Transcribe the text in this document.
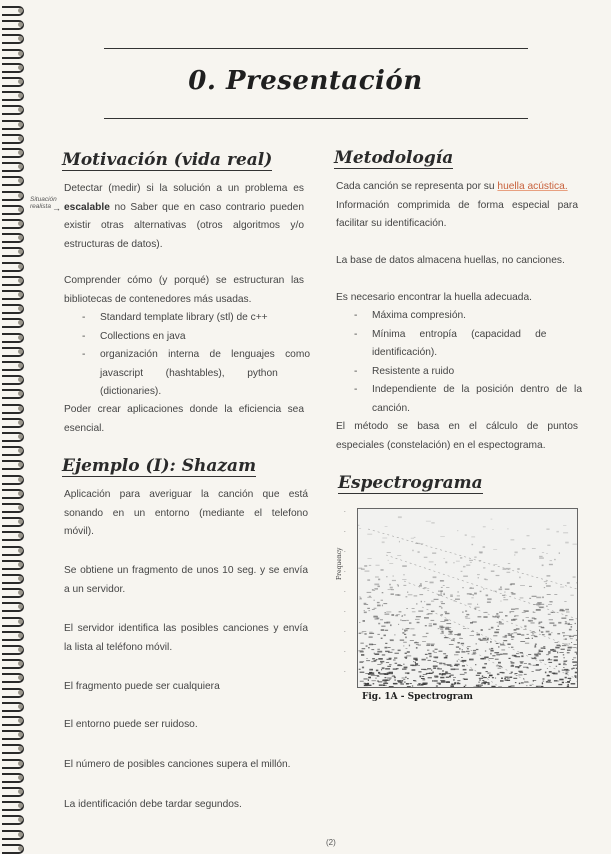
0. Presentación
Motivación (vida real)
Situación
realista →
Detectar (medir) si la solución a un problema es
escalable no Saber que en caso contrario pueden
existir otras alternativas (otros algoritmos y/o
estructuras de datos).
Comprender cómo (y porqué) se estructuran las
bibliotecas de contenedores más usadas.
- Standard template library (stl) de c++
- Collections en java
- organización interna de lenguajes como
javascript        (hashtables),        python
(dictionaries).
Poder crear aplicaciones donde la eficiencia sea
esencial.
Ejemplo (I): Shazam
Aplicación para averiguar la canción que está
sonando en un entorno (mediante el telefono
móvil).
Se obtiene un fragmento de unos 10 seg. y se envía
a un servidor.
El servidor identifica las posibles canciones y envía
la lista al teléfono móvil.
El fragmento puede ser cualquiera
El entorno puede ser ruidoso.
El número de posibles canciones supera el millón.
La identificación debe tardar segundos.
Metodología
Cada canción se representa por su huella acústica.
Información comprimida de forma especial para
facilitar su identificación.
La base de datos almacena huellas, no canciones.
Es necesario encontrar la huella adecuada.
- Máxima compresión.
- Mínima     entropía     (capacidad     de
identificación).
- Resistente a ruido
- Independiente de la posición dentro de la
canción.
El método se basa en el cálculo de puntos
especiales (constelación) en el espectograma.
Espectrograma
Frequency
‐
‐
‐
‐
‐
‐
‐
‐
‐
Fig. 1A - Spectrogram
(2)
